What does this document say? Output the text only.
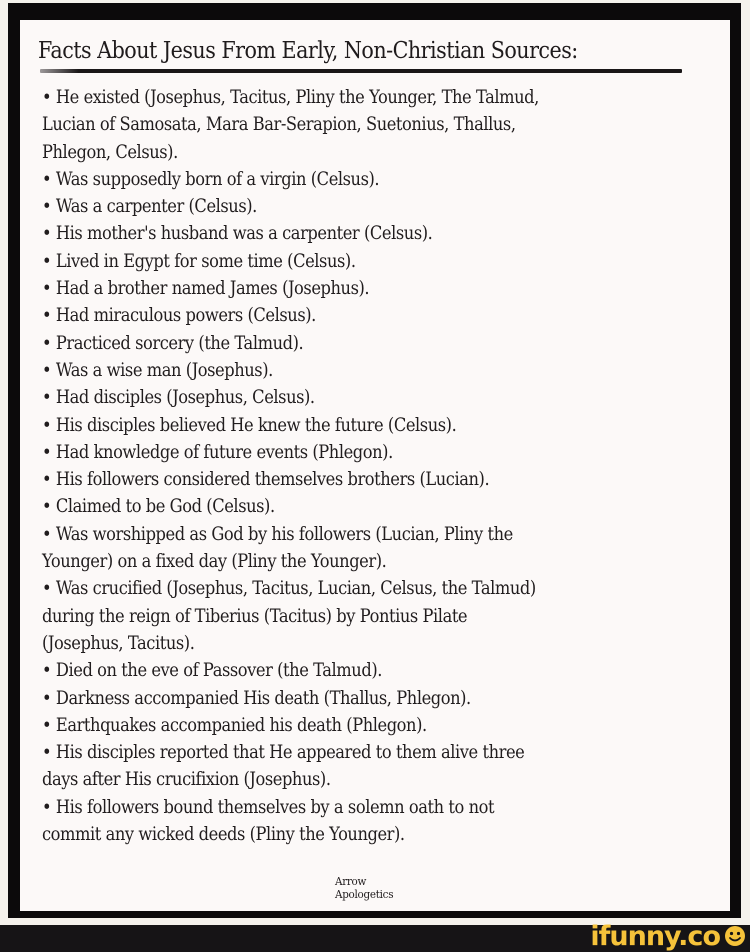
Facts About Jesus From Early, Non-Christian Sources:
• He existed (Josephus, Tacitus, Pliny the Younger, The Talmud,
Lucian of Samosata, Mara Bar-Serapion, Suetonius, Thallus,
Phlegon, Celsus).
• Was supposedly born of a virgin (Celsus).
• Was a carpenter (Celsus).
• His mother's husband was a carpenter (Celsus).
• Lived in Egypt for some time (Celsus).
• Had a brother named James (Josephus).
• Had miraculous powers (Celsus).
• Practiced sorcery (the Talmud).
• Was a wise man (Josephus).
• Had disciples (Josephus, Celsus).
• His disciples believed He knew the future (Celsus).
• Had knowledge of future events (Phlegon).
• His followers considered themselves brothers (Lucian).
• Claimed to be God (Celsus).
• Was worshipped as God by his followers (Lucian, Pliny the
Younger) on a fixed day (Pliny the Younger).
• Was crucified (Josephus, Tacitus, Lucian, Celsus, the Talmud)
during the reign of Tiberius (Tacitus) by Pontius Pilate
(Josephus, Tacitus).
• Died on the eve of Passover (the Talmud).
• Darkness accompanied His death (Thallus, Phlegon).
• Earthquakes accompanied his death (Phlegon).
• His disciples reported that He appeared to them alive three
days after His crucifixion (Josephus).
• His followers bound themselves by a solemn oath to not
commit any wicked deeds (Pliny the Younger).
Arrow
Apologetics
ifunny.co
